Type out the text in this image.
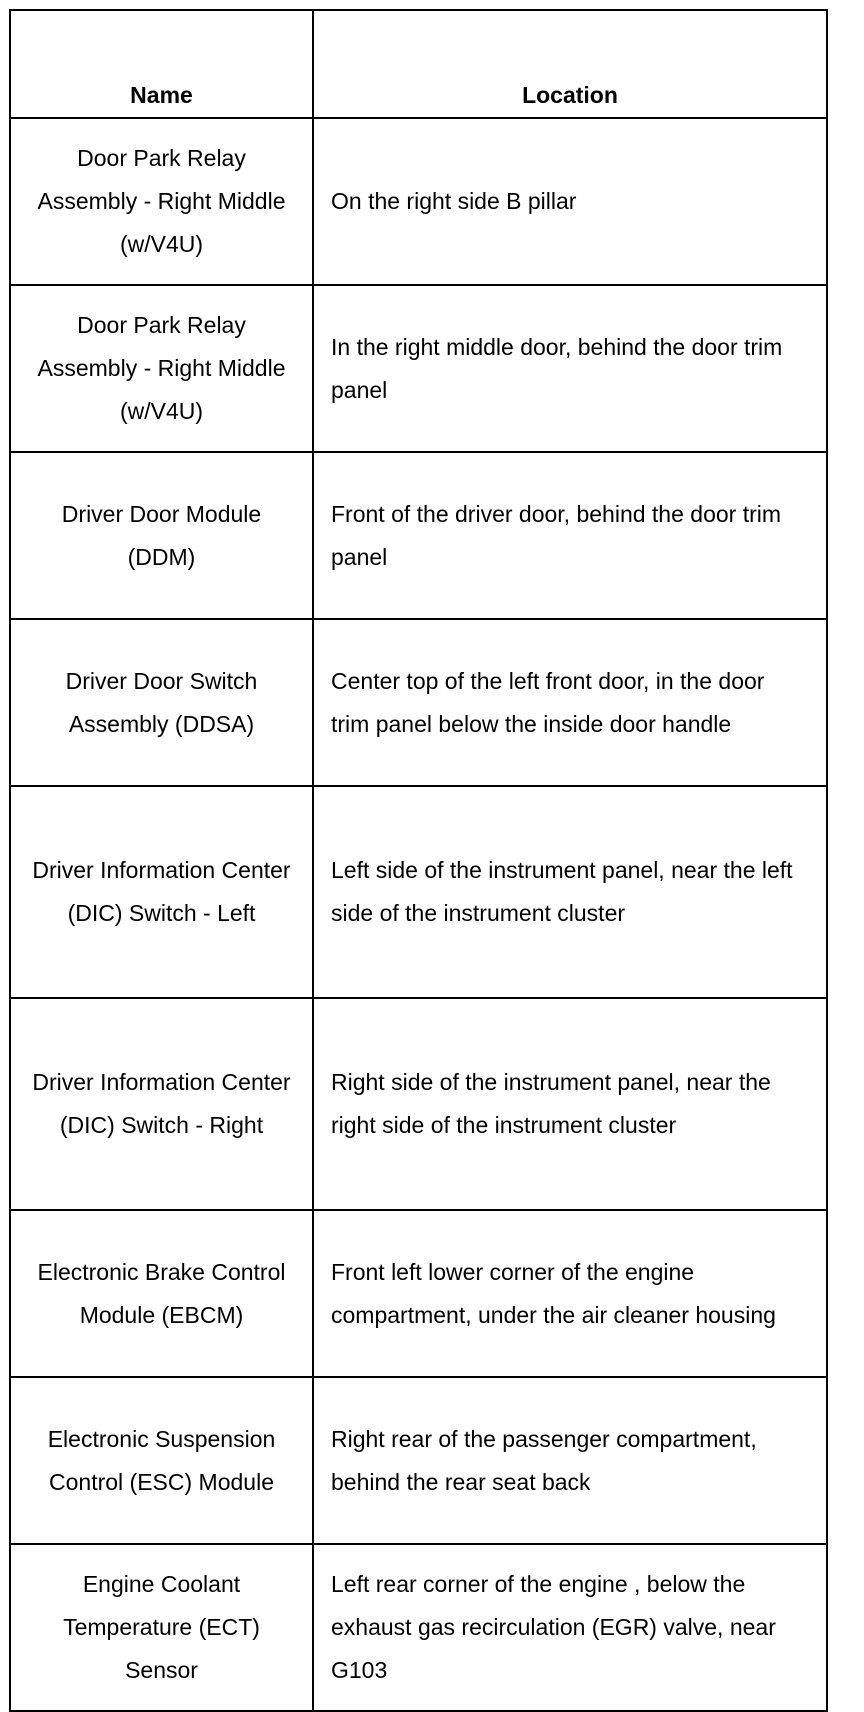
Name	Location
Door Park Relay Assembly - Right Middle (w/V4U)	On the right side B pillar
Door Park Relay Assembly - Right Middle (w/V4U)	In the right middle door, behind the door trim panel
Driver Door Module (DDM)	Front of the driver door, behind the door trim panel
Driver Door Switch Assembly (DDSA)	Center top of the left front door, in the door trim panel below the inside door handle
Driver Information Center (DIC) Switch - Left	Left side of the instrument panel, near the left side of the instrument cluster
Driver Information Center (DIC) Switch - Right	Right side of the instrument panel, near the right side of the instrument cluster
Electronic Brake Control Module (EBCM)	Front left lower corner of the engine compartment, under the air cleaner housing
Electronic Suspension Control (ESC) Module	Right rear of the passenger compartment, behind the rear seat back
Engine Coolant Temperature (ECT) Sensor	Left rear corner of the engine , below the exhaust gas recirculation (EGR) valve, near G103
